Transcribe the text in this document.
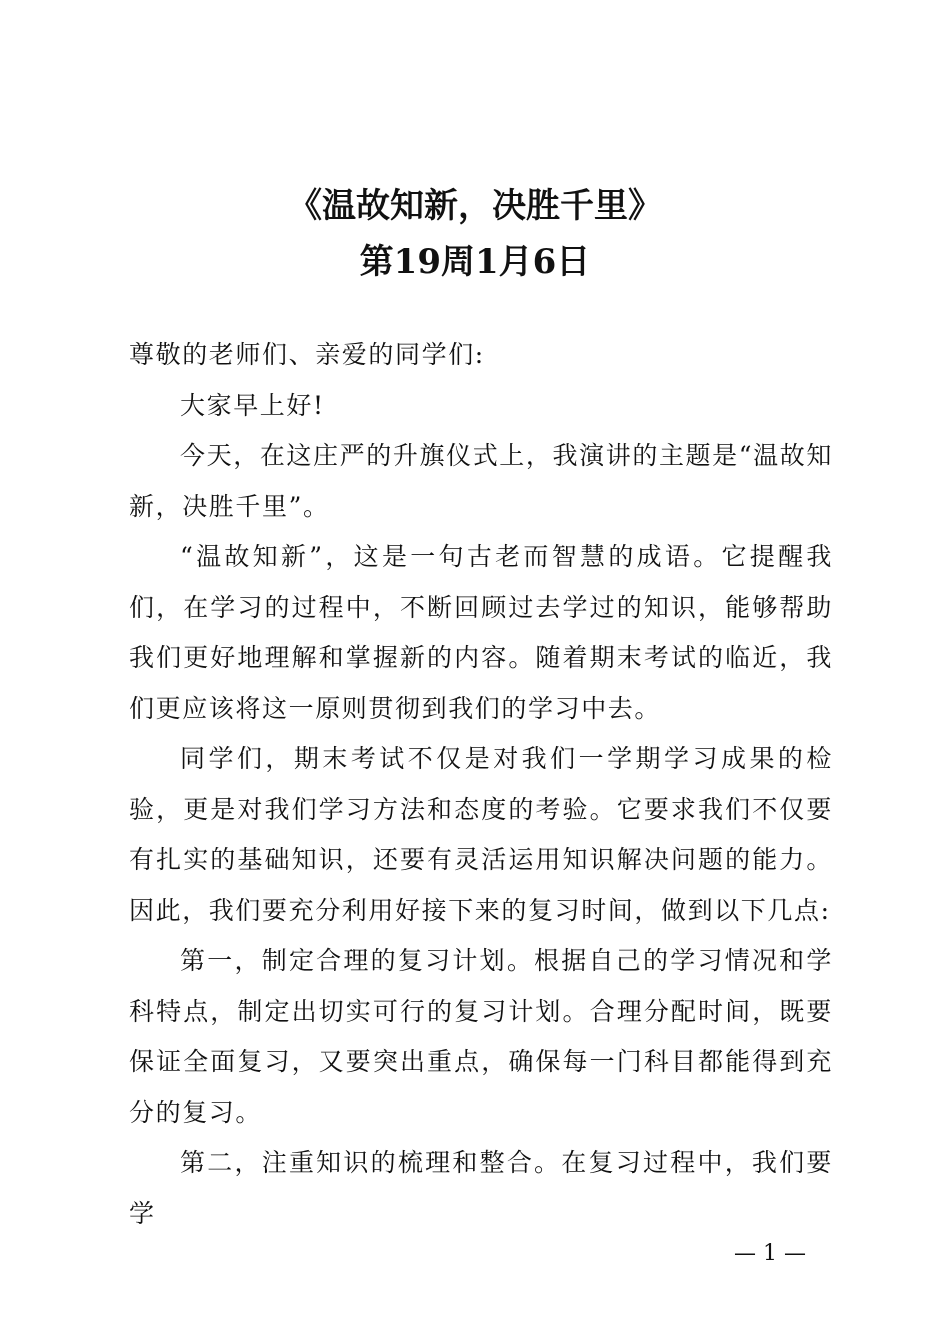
《温故知新，决胜千里》
第19周1月6日

尊敬的老师们、亲爱的同学们:

大家早上好!

今天，在这庄严的升旗仪式上，我演讲的主题是“温故知新，决胜千里”。

“温故知新”，这是一句古老而智慧的成语。它提醒我们，在学习的过程中，不断回顾过去学过的知识，能够帮助我们更好地理解和掌握新的内容。随着期末考试的临近，我们更应该将这一原则贯彻到我们的学习中去。

同学们，期末考试不仅是对我们一学期学习成果的检验，更是对我们学习方法和态度的考验。它要求我们不仅要有扎实的基础知识，还要有灵活运用知识解决问题的能力。因此，我们要充分利用好接下来的复习时间，做到以下几点:

第一，制定合理的复习计划。根据自己的学习情况和学科特点，制定出切实可行的复习计划。合理分配时间，既要保证全面复习，又要突出重点，确保每一门科目都能得到充分的复习。

第二，注重知识的梳理和整合。在复习过程中，我们要学

— 1 —
